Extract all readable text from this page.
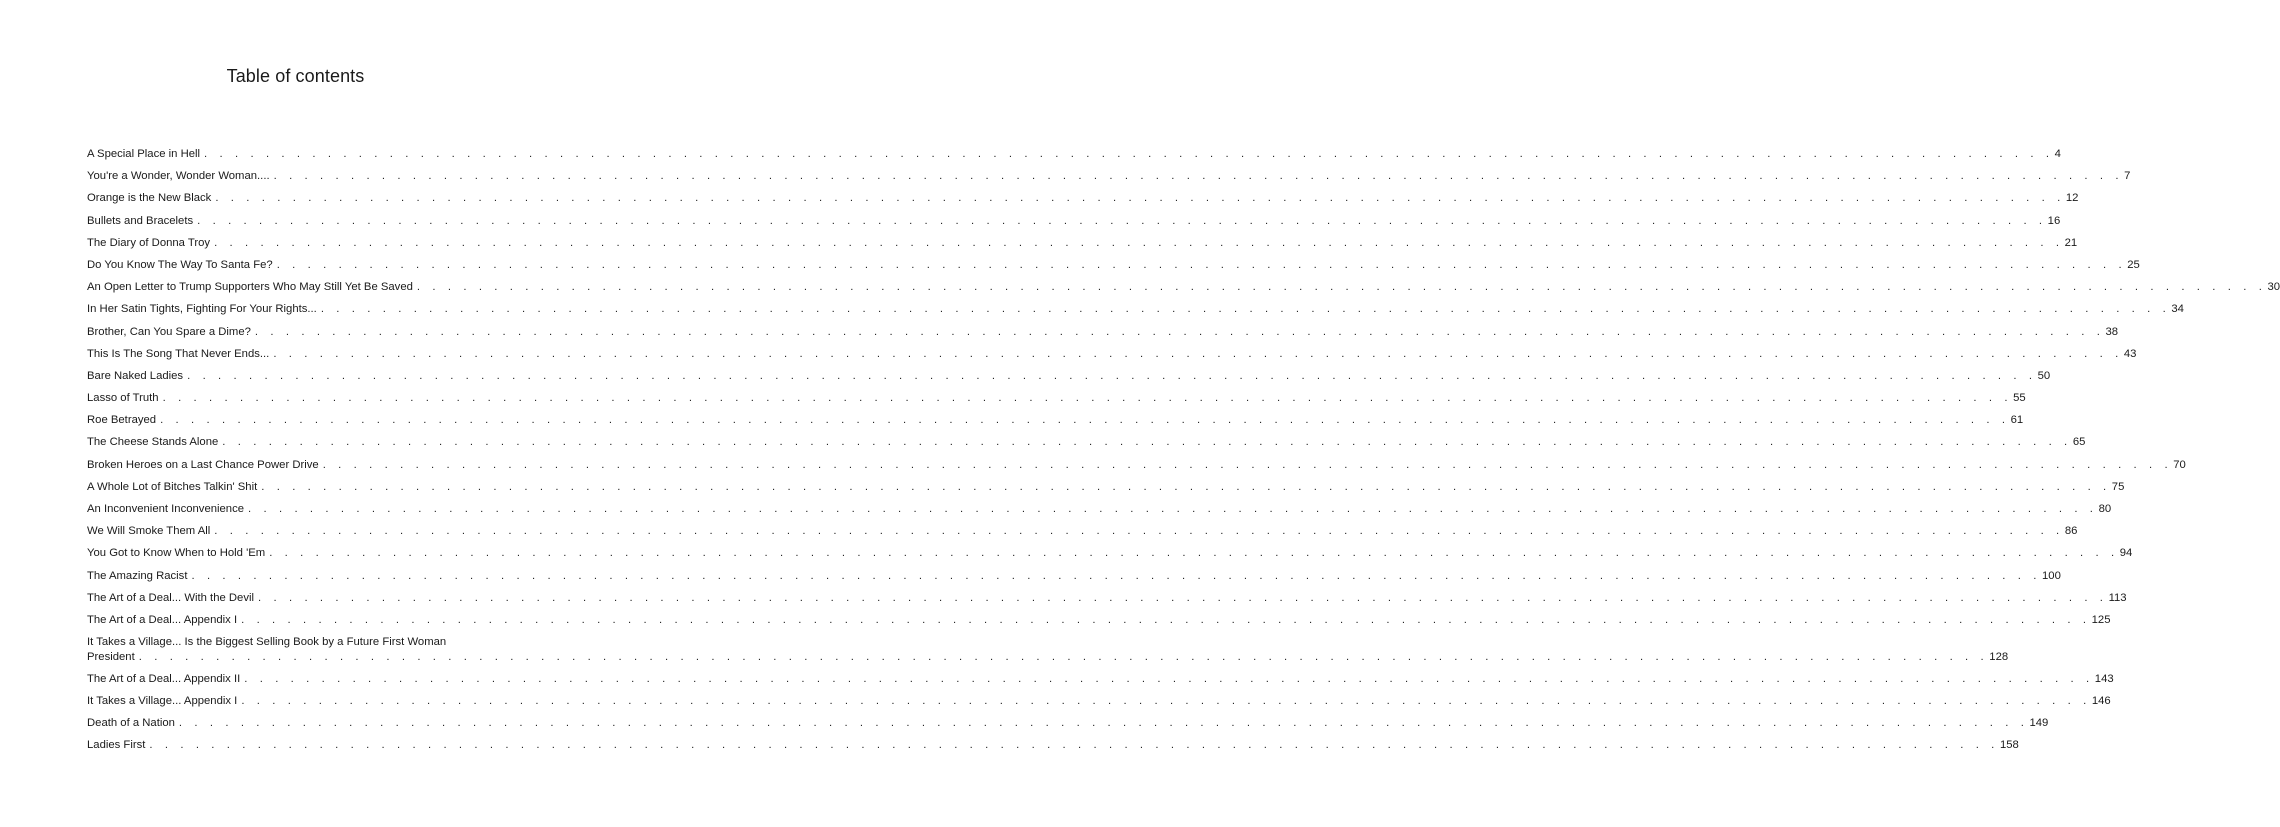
Table of contents
A Special Place in Hell . . . . . . . . . . . . . . . . . . . . . . . . . . . . . . . . . . . . . . . . . . . . . . . . . . . . . . . . . . . . . . . . . . . . . . . . . . . . . . . . . . . . . . . . . . . . . . . . . . . . . . . . . . . . . . . . . . . . . . . . 4
You're a Wonder, Wonder Woman.... . . . . . . . . . . . . . . . . . . . . . . . . . . . . . . . . . . . . . . . . . . . . . . . . . . . . . . . . . . . . . . . . . . . . . . . . . . . . . . . . . . . . . . . . . . . . . . . . . . . . . . . . . . . . . . . . . . . . . . . . 7
Orange is the New Black . . . . . . . . . . . . . . . . . . . . . . . . . . . . . . . . . . . . . . . . . . . . . . . . . . . . . . . . . . . . . . . . . . . . . . . . . . . . . . . . . . . . . . . . . . . . . . . . . . . . . . . . . . . . . . . . . . . . . . . . 12
Bullets and Bracelets . . . . . . . . . . . . . . . . . . . . . . . . . . . . . . . . . . . . . . . . . . . . . . . . . . . . . . . . . . . . . . . . . . . . . . . . . . . . . . . . . . . . . . . . . . . . . . . . . . . . . . . . . . . . . . . . . . . . . . . . 16
The Diary of Donna Troy . . . . . . . . . . . . . . . . . . . . . . . . . . . . . . . . . . . . . . . . . . . . . . . . . . . . . . . . . . . . . . . . . . . . . . . . . . . . . . . . . . . . . . . . . . . . . . . . . . . . . . . . . . . . . . . . . . . . . . . . 21
Do You Know The Way To Santa Fe? . . . . . . . . . . . . . . . . . . . . . . . . . . . . . . . . . . . . . . . . . . . . . . . . . . . . . . . . . . . . . . . . . . . . . . . . . . . . . . . . . . . . . . . . . . . . . . . . . . . . . . . . . . . . . . . . . . . . . . . . 25
An Open Letter to Trump Supporters Who May Still Yet Be Saved . . . . . . . . . . . . . . . . . . . . . . . . . . . . . . . . . . . . . . . . . . . . . . . . . . . . . . . . . . . . . . . . . . . . . . . . . . . . . . . . . . . . . . . . . . . . . . . . . . . . . . . . . . . . . . . . . . . . . . . . 30
In Her Satin Tights, Fighting For Your Rights... . . . . . . . . . . . . . . . . . . . . . . . . . . . . . . . . . . . . . . . . . . . . . . . . . . . . . . . . . . . . . . . . . . . . . . . . . . . . . . . . . . . . . . . . . . . . . . . . . . . . . . . . . . . . . . . . . . . . . . . . 34
Brother, Can You Spare a Dime? . . . . . . . . . . . . . . . . . . . . . . . . . . . . . . . . . . . . . . . . . . . . . . . . . . . . . . . . . . . . . . . . . . . . . . . . . . . . . . . . . . . . . . . . . . . . . . . . . . . . . . . . . . . . . . . . . . . . . . . . 38
This Is The Song That Never Ends... . . . . . . . . . . . . . . . . . . . . . . . . . . . . . . . . . . . . . . . . . . . . . . . . . . . . . . . . . . . . . . . . . . . . . . . . . . . . . . . . . . . . . . . . . . . . . . . . . . . . . . . . . . . . . . . . . . . . . . . . 43
Bare Naked Ladies . . . . . . . . . . . . . . . . . . . . . . . . . . . . . . . . . . . . . . . . . . . . . . . . . . . . . . . . . . . . . . . . . . . . . . . . . . . . . . . . . . . . . . . . . . . . . . . . . . . . . . . . . . . . . . . . . . . . . . . . 50
Lasso of Truth . . . . . . . . . . . . . . . . . . . . . . . . . . . . . . . . . . . . . . . . . . . . . . . . . . . . . . . . . . . . . . . . . . . . . . . . . . . . . . . . . . . . . . . . . . . . . . . . . . . . . . . . . . . . . . . . . . . . . . . . 55
Roe Betrayed . . . . . . . . . . . . . . . . . . . . . . . . . . . . . . . . . . . . . . . . . . . . . . . . . . . . . . . . . . . . . . . . . . . . . . . . . . . . . . . . . . . . . . . . . . . . . . . . . . . . . . . . . . . . . . . . . . . . . . . . 61
The Cheese Stands Alone . . . . . . . . . . . . . . . . . . . . . . . . . . . . . . . . . . . . . . . . . . . . . . . . . . . . . . . . . . . . . . . . . . . . . . . . . . . . . . . . . . . . . . . . . . . . . . . . . . . . . . . . . . . . . . . . . . . . . . . . 65
Broken Heroes on a Last Chance Power Drive . . . . . . . . . . . . . . . . . . . . . . . . . . . . . . . . . . . . . . . . . . . . . . . . . . . . . . . . . . . . . . . . . . . . . . . . . . . . . . . . . . . . . . . . . . . . . . . . . . . . . . . . . . . . . . . . . . . . . . . . 70
A Whole Lot of Bitches Talkin' Shit . . . . . . . . . . . . . . . . . . . . . . . . . . . . . . . . . . . . . . . . . . . . . . . . . . . . . . . . . . . . . . . . . . . . . . . . . . . . . . . . . . . . . . . . . . . . . . . . . . . . . . . . . . . . . . . . . . . . . . . . 75
An Inconvenient Inconvenience . . . . . . . . . . . . . . . . . . . . . . . . . . . . . . . . . . . . . . . . . . . . . . . . . . . . . . . . . . . . . . . . . . . . . . . . . . . . . . . . . . . . . . . . . . . . . . . . . . . . . . . . . . . . . . . . . . . . . . . . 80
We Will Smoke Them All . . . . . . . . . . . . . . . . . . . . . . . . . . . . . . . . . . . . . . . . . . . . . . . . . . . . . . . . . . . . . . . . . . . . . . . . . . . . . . . . . . . . . . . . . . . . . . . . . . . . . . . . . . . . . . . . . . . . . . . . 86
You Got to Know When to Hold 'Em . . . . . . . . . . . . . . . . . . . . . . . . . . . . . . . . . . . . . . . . . . . . . . . . . . . . . . . . . . . . . . . . . . . . . . . . . . . . . . . . . . . . . . . . . . . . . . . . . . . . . . . . . . . . . . . . . . . . . . . . 94
The Amazing Racist . . . . . . . . . . . . . . . . . . . . . . . . . . . . . . . . . . . . . . . . . . . . . . . . . . . . . . . . . . . . . . . . . . . . . . . . . . . . . . . . . . . . . . . . . . . . . . . . . . . . . . . . . . . . . . . . . . . . . . . . 100
The Art of a Deal... With the Devil . . . . . . . . . . . . . . . . . . . . . . . . . . . . . . . . . . . . . . . . . . . . . . . . . . . . . . . . . . . . . . . . . . . . . . . . . . . . . . . . . . . . . . . . . . . . . . . . . . . . . . . . . . . . . . . . . . . . . . . . 113
The Art of a Deal... Appendix I . . . . . . . . . . . . . . . . . . . . . . . . . . . . . . . . . . . . . . . . . . . . . . . . . . . . . . . . . . . . . . . . . . . . . . . . . . . . . . . . . . . . . . . . . . . . . . . . . . . . . . . . . . . . . . . . . . . . . . . . 125
It Takes a Village... Is the Biggest Selling Book by a Future First Woman
President . . . . . . . . . . . . . . . . . . . . . . . . . . . . . . . . . . . . . . . . . . . . . . . . . . . . . . . . . . . . . . . . . . . . . . . . . . . . . . . . . . . . . . . . . . . . . . . . . . . . . . . . . . . . . . . . . . . . . . . . 128
The Art of a Deal... Appendix II . . . . . . . . . . . . . . . . . . . . . . . . . . . . . . . . . . . . . . . . . . . . . . . . . . . . . . . . . . . . . . . . . . . . . . . . . . . . . . . . . . . . . . . . . . . . . . . . . . . . . . . . . . . . . . . . . . . . . . . . 143
It Takes a Village... Appendix I . . . . . . . . . . . . . . . . . . . . . . . . . . . . . . . . . . . . . . . . . . . . . . . . . . . . . . . . . . . . . . . . . . . . . . . . . . . . . . . . . . . . . . . . . . . . . . . . . . . . . . . . . . . . . . . . . . . . . . . . 146
Death of a Nation . . . . . . . . . . . . . . . . . . . . . . . . . . . . . . . . . . . . . . . . . . . . . . . . . . . . . . . . . . . . . . . . . . . . . . . . . . . . . . . . . . . . . . . . . . . . . . . . . . . . . . . . . . . . . . . . . . . . . . . . 149
Ladies First . . . . . . . . . . . . . . . . . . . . . . . . . . . . . . . . . . . . . . . . . . . . . . . . . . . . . . . . . . . . . . . . . . . . . . . . . . . . . . . . . . . . . . . . . . . . . . . . . . . . . . . . . . . . . . . . . . . . . . . . 158
